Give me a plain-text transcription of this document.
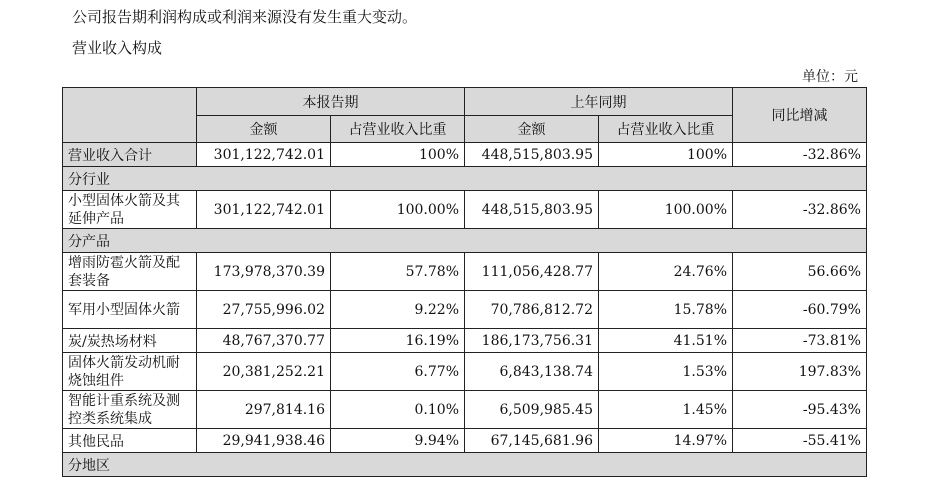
公司报告期利润构成或利润来源没有发生重大变动。
营业收入构成
单位：元
	本报告期		上年同期		同比增减
	金额	占营业收入比重	金额	占营业收入比重	
营业收入合计	301,122,742.01	100%	448,515,803.95	100%	-32.86%
分行业					
小型固体火箭及其延伸产品	301,122,742.01	100.00%	448,515,803.95	100.00%	-32.86%
分产品					
增雨防雹火箭及配套装备	173,978,370.39	57.78%	111,056,428.77	24.76%	56.66%
军用小型固体火箭	27,755,996.02	9.22%	70,786,812.72	15.78%	-60.79%
炭/炭热场材料	48,767,370.77	16.19%	186,173,756.31	41.51%	-73.81%
固体火箭发动机耐烧蚀组件	20,381,252.21	6.77%	6,843,138.74	1.53%	197.83%
智能计重系统及测控类系统集成	297,814.16	0.10%	6,509,985.45	1.45%	-95.43%
其他民品	29,941,938.46	9.94%	67,145,681.96	14.97%	-55.41%
分地区					
